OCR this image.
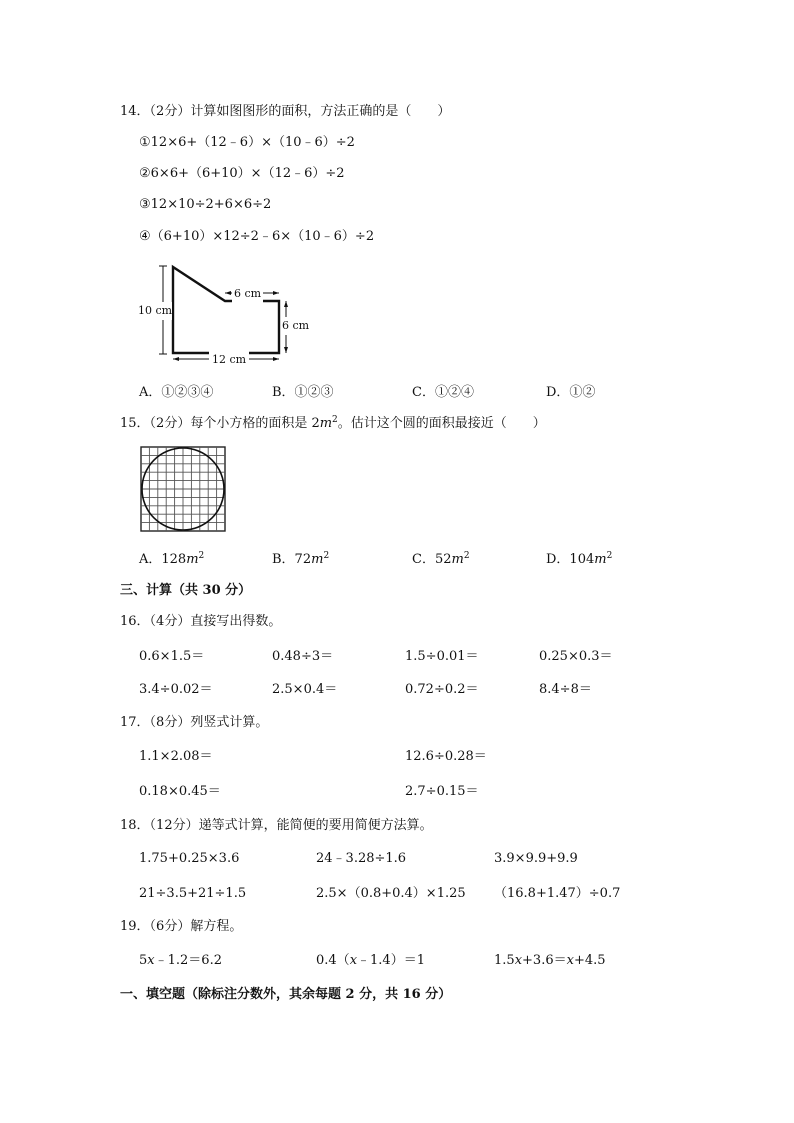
14．（2分）计算如图图形的面积，方法正确的是（　　）
①12×6+（12﹣6）×（10﹣6）÷2
②6×6+（6+10）×（12﹣6）÷2
③12×10÷2+6×6÷2
④（6+10）×12÷2﹣6×（10﹣6）÷2
10 cm
6 cm
6 cm
12 cm
A．①②③④	B．①②③	C．①②④	D．①②
15．（2分）每个小方格的面积是 $2m^2$。估计这个圆的面积最接近（　　）
A．$128m^2$	B．$72m^2$	C．$52m^2$	D．$104m^2$
三、计算（共 30 分）
16．（4分）直接写出得数。
0.6×1.5＝	0.48÷3＝	1.5÷0.01＝	0.25×0.3＝
3.4÷0.02＝	2.5×0.4＝	0.72÷0.2＝	8.4÷8＝
17．（8分）列竖式计算。
1.1×2.08＝	12.6÷0.28＝
0.18×0.45＝	2.7÷0.15＝
18．（12分）递等式计算，能简便的要用简便方法算。
1.75+0.25×3.6	24﹣3.28÷1.6	3.9×9.9+9.9
21÷3.5+21÷1.5	2.5×（0.8+0.4）×1.25 （16.8+1.47）÷0.7
19．（6分）解方程。
5x﹣1.2＝6.2	0.4（x﹣1.4）＝1	1.5x+3.6＝x+4.5
一、填空题（除标注分数外，其余每题 2 分，共 16 分）
